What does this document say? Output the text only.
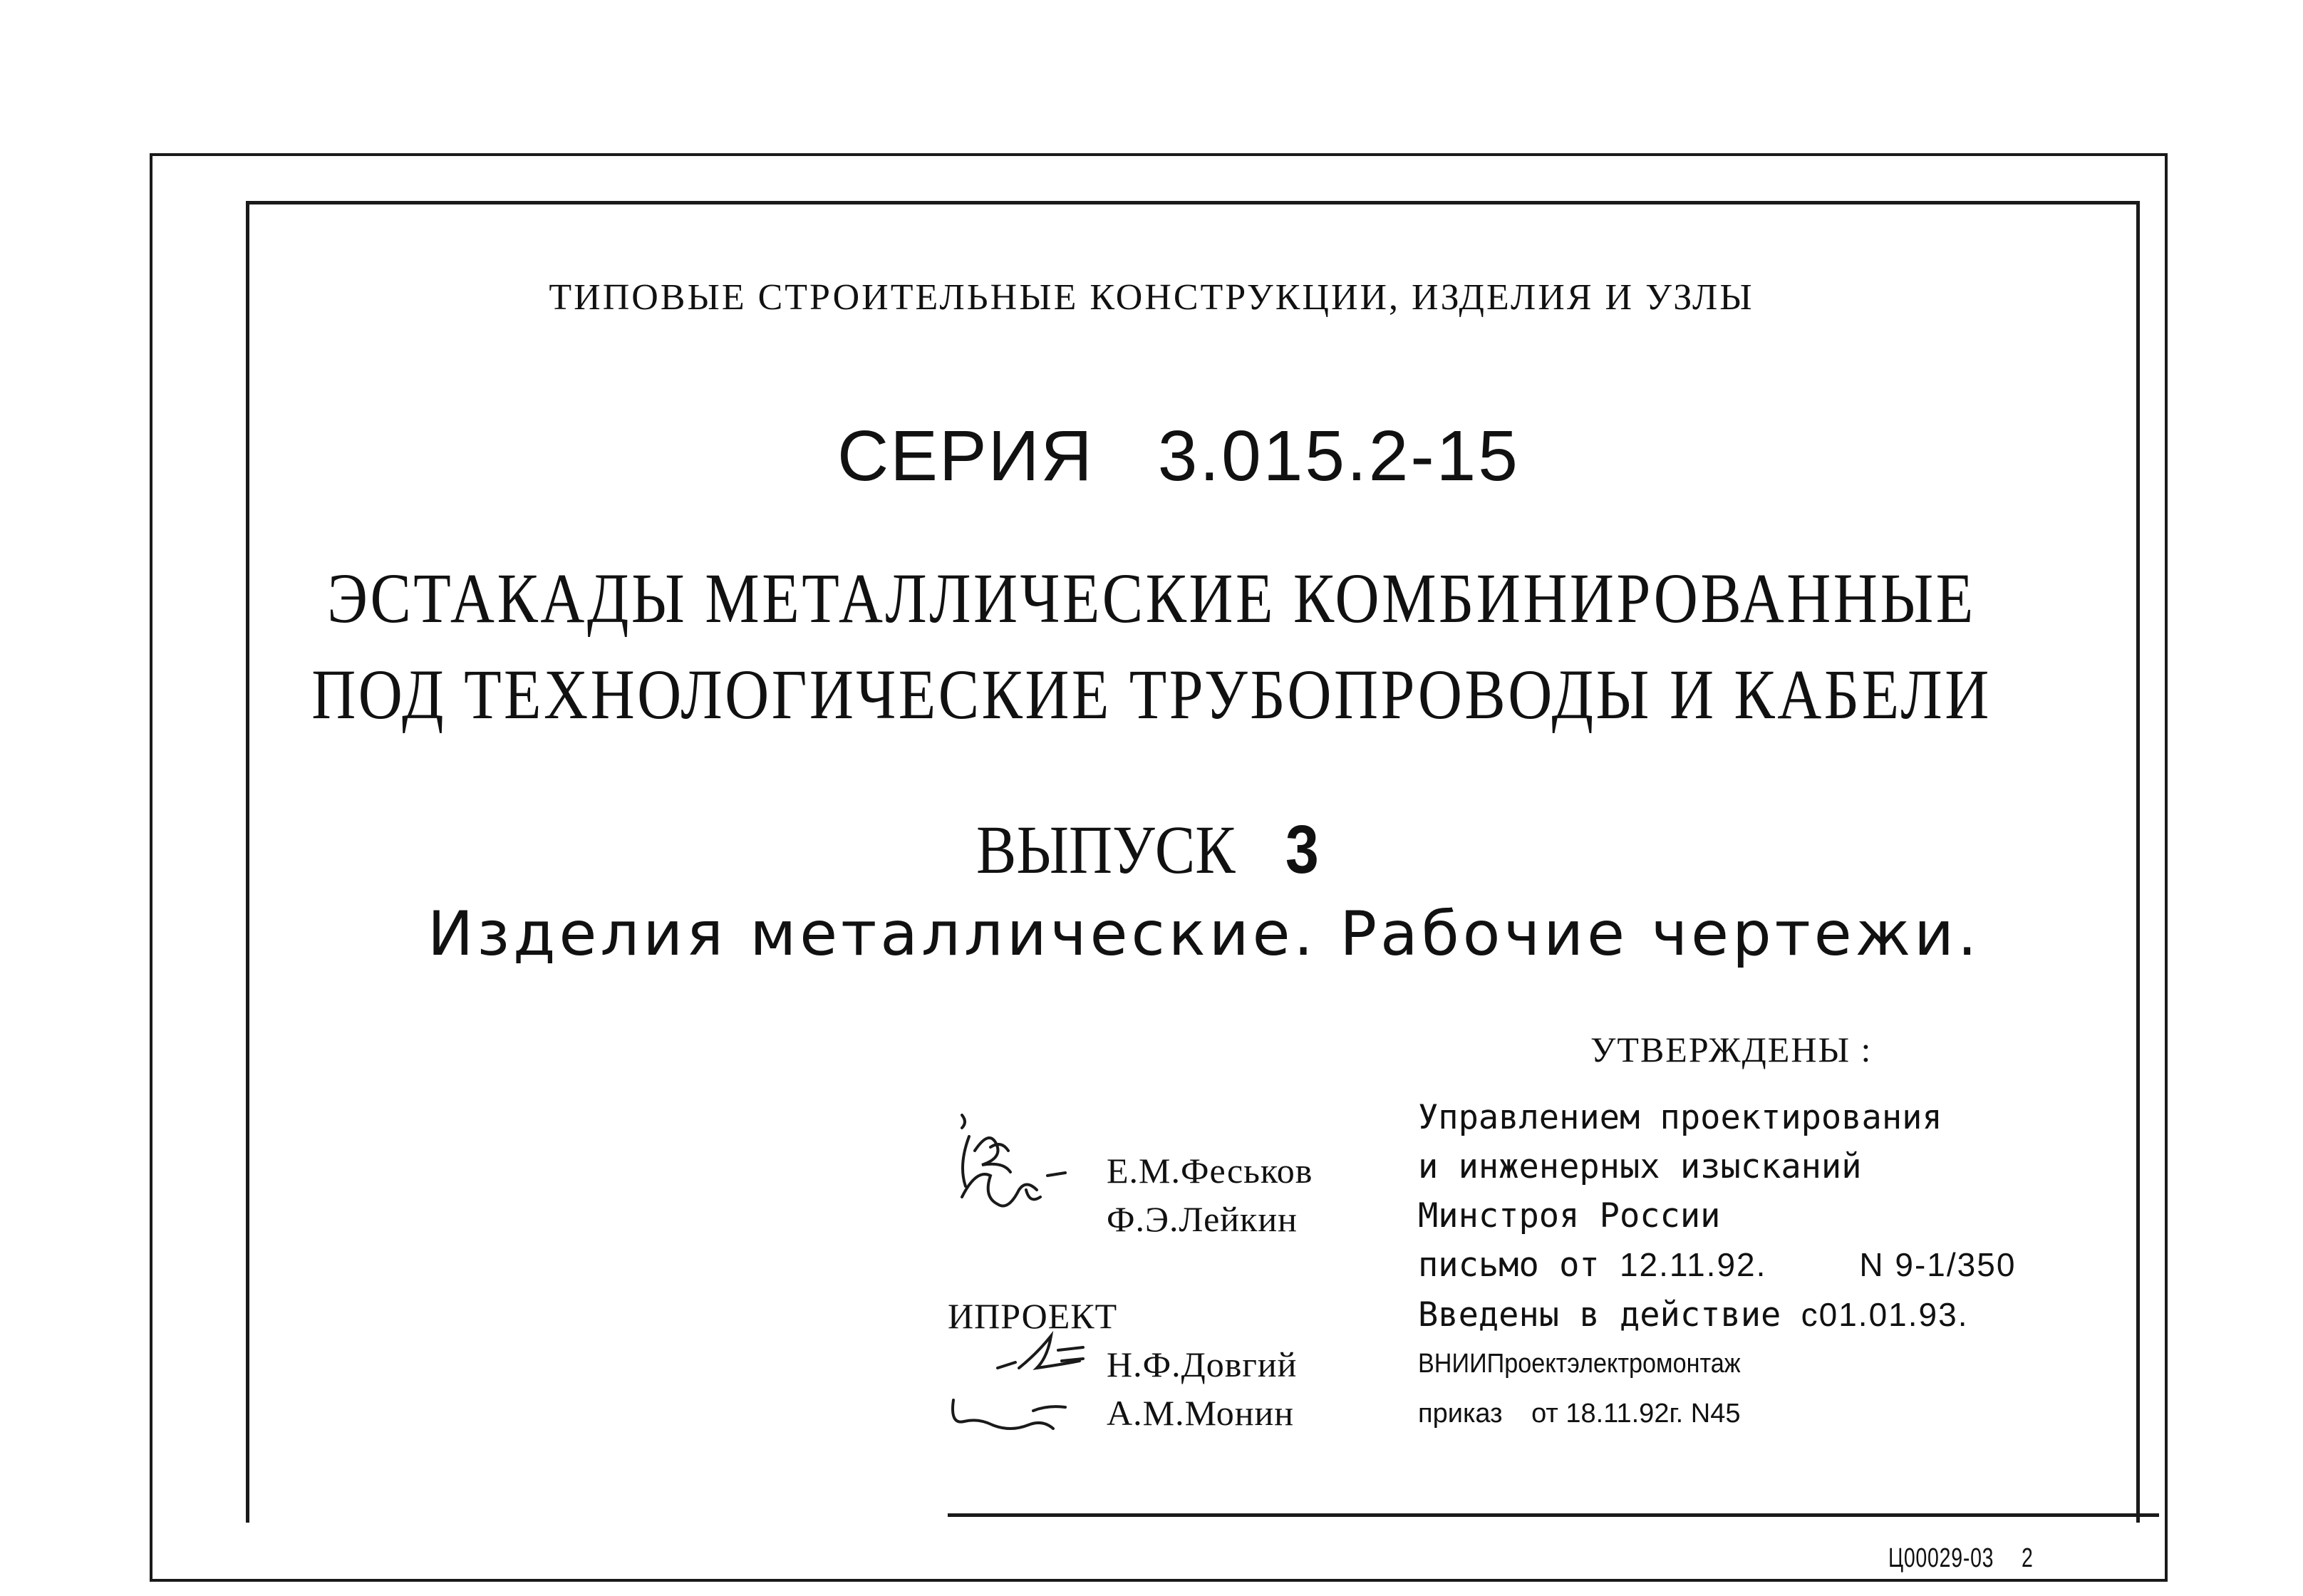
ТИПОВЫЕ СТРОИТЕЛЬНЫЕ КОНСТРУКЦИИ, ИЗДЕЛИЯ И УЗЛЫ
СЕРИЯ 3.015.2-15
ЭСТАКАДЫ МЕТАЛЛИЧЕСКИЕ КОМБИНИРОВАННЫЕ
ПОД ТЕХНОЛОГИЧЕСКИЕ ТРУБОПРОВОДЫ И КАБЕЛИ
ВЫПУСК 3
Изделия металлические. Рабочие чертежи.
УТВЕРЖДЕНЫ :
Е.М.Феськов
Ф.Э.Лейкин
ИПРОЕКТ
Н.Ф.Довгий
А.М.Монин
Управлением проектирования
и инженерных изысканий
Минстроя России
письмо от 12.11.92.	N 9-1/350
Введены в действие с01.01.93.
ВНИИПроектэлектромонтаж
приказ от 18.11.92г. N45
Ц00029-03 2
